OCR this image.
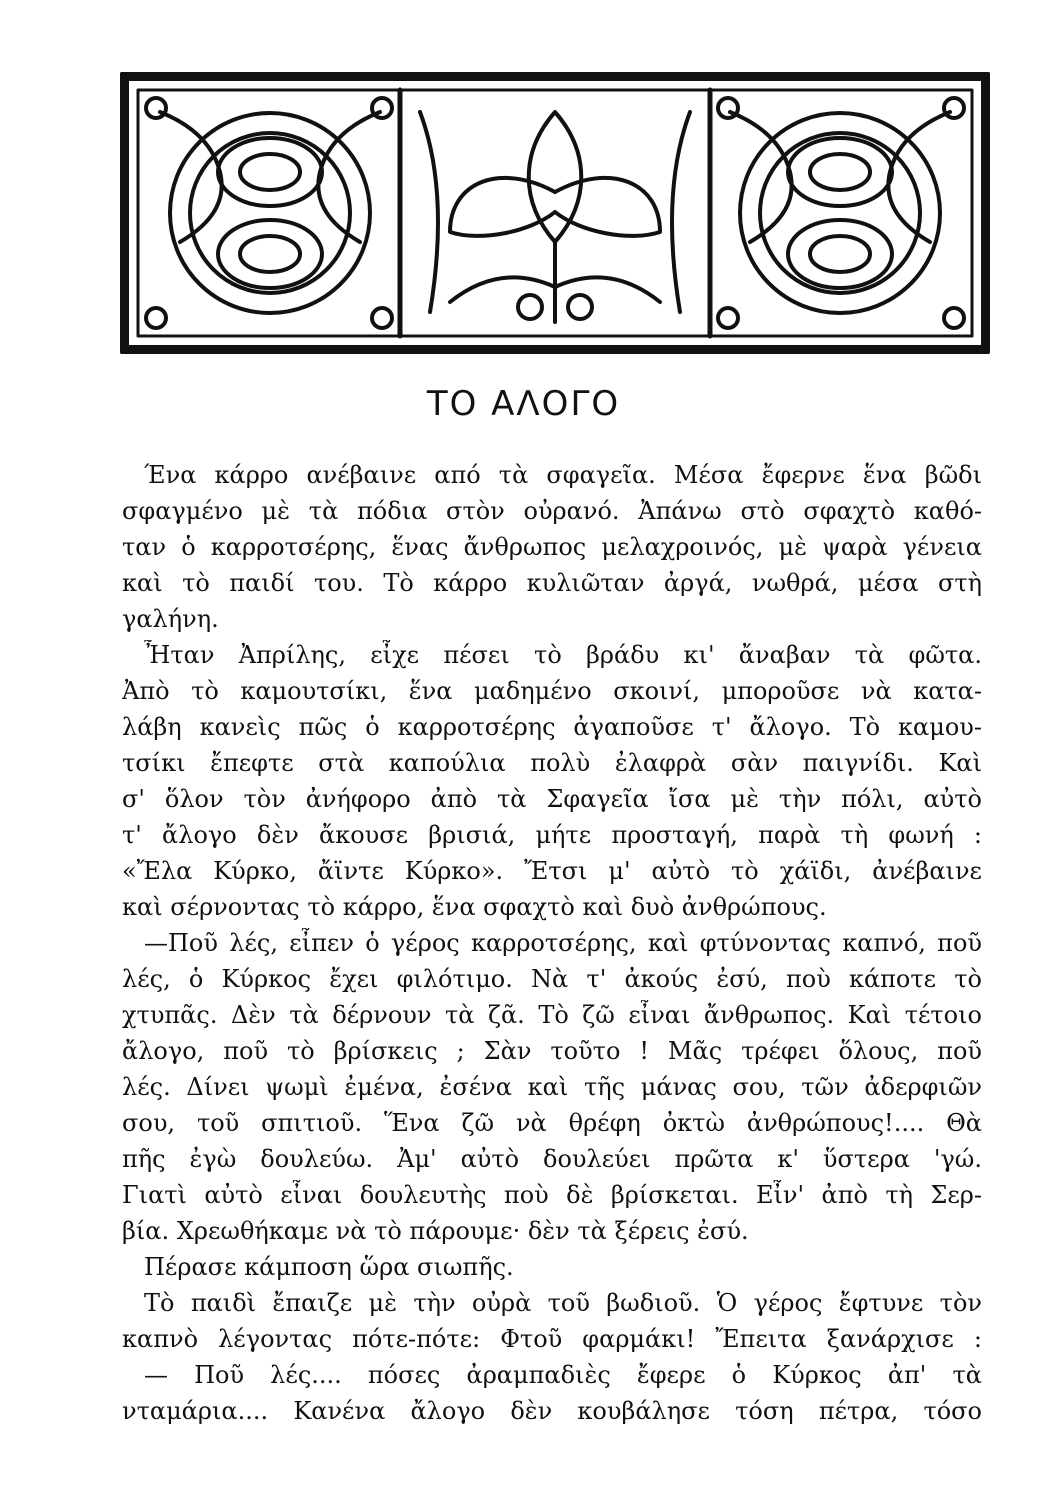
ΤΟ ΑΛΟΓΟ
Ένα κάρρο ανέβαινε από τὰ σφαγεῖα. Μέσα ἔφερνε ἕνα βῶδι
σφαγμένο μὲ τὰ πόδια στὸν οὐρανό. Ἀπάνω στὸ σφαχτὸ καθό-
ταν ὁ καρροτσέρης, ἕνας ἄνθρωπος μελαχροινός, μὲ ψαρὰ γένεια
καὶ τὸ παιδί του. Τὸ κάρρο κυλιῶταν ἀργά, νωθρά, μέσα στὴ
γαλήνη.
Ἦταν Ἀπρίλης, εἶχε πέσει τὸ βράδυ κι' ἄναβαν τὰ φῶτα.
Ἀπὸ τὸ καμουτσίκι, ἕνα μαδημένο σκοινί, μποροῦσε νὰ κατα-
λάβη κανεὶς πῶς ὁ καρροτσέρης ἀγαποῦσε τ' ἄλογο. Τὸ καμου-
τσίκι ἔπεφτε στὰ καπούλια πολὺ ἐλαφρὰ σὰν παιγνίδι. Καὶ
σ' ὅλον τὸν ἀνήφορο ἀπὸ τὰ Σφαγεῖα ἴσα μὲ τὴν πόλι, αὐτὸ
τ' ἄλογο δὲν ἄκουσε βρισιά, μήτε προσταγή, παρὰ τὴ φωνή :
«Ἔλα Κύρκο, ἄϊντε Κύρκο». Ἔτσι μ' αὐτὸ τὸ χάϊδι, ἀνέβαινε
καὶ σέρνοντας τὸ κάρρο, ἕνα σφαχτὸ καὶ δυὸ ἀνθρώπους.
—Ποῦ λές, εἶπεν ὁ γέρος καρροτσέρης, καὶ φτύνοντας καπνό, ποῦ
λές, ὁ Κύρκος ἔχει φιλότιμο. Νὰ τ' ἀκούς ἐσύ, ποὺ κάποτε τὸ
χτυπᾶς. Δὲν τὰ δέρνουν τὰ ζᾶ. Τὸ ζῶ εἶναι ἄνθρωπος. Καὶ τέτοιο
ἄλογο, ποῦ τὸ βρίσκεις ; Σὰν τοῦτο ! Μᾶς τρέφει ὅλους, ποῦ
λές. Δίνει ψωμὶ ἐμένα, ἐσένα καὶ τῆς μάνας σου, τῶν ἀδερφιῶν
σου, τοῦ σπιτιοῦ. Ἕνα ζῶ νὰ θρέφη ὀκτὼ ἀνθρώπους!.... Θὰ
πῆς ἐγὼ δουλεύω. Ἀμ' αὐτὸ δουλεύει πρῶτα κ' ὕστερα 'γώ.
Γιατὶ αὐτὸ εἶναι δουλευτὴς ποὺ δὲ βρίσκεται. Εἶν' ἀπὸ τὴ Σερ-
βία. Χρεωθήκαμε νὰ τὸ πάρουμε· δὲν τὰ ξέρεις ἐσύ.
Πέρασε κάμποση ὥρα σιωπῆς.
Τὸ παιδὶ ἔπαιζε μὲ τὴν οὐρὰ τοῦ βωδιοῦ. Ὁ γέρος ἔφτυνε τὸν
καπνὸ λέγοντας πότε-πότε: Φτοῦ φαρμάκι! Ἔπειτα ξανάρχισε :
— Ποῦ λές.... πόσες ἀραμπαδιὲς ἔφερε ὁ Κύρκος ἀπ' τὰ
νταμάρια.... Κανένα ἄλογο δὲν κουβάλησε τόση πέτρα, τόσο
